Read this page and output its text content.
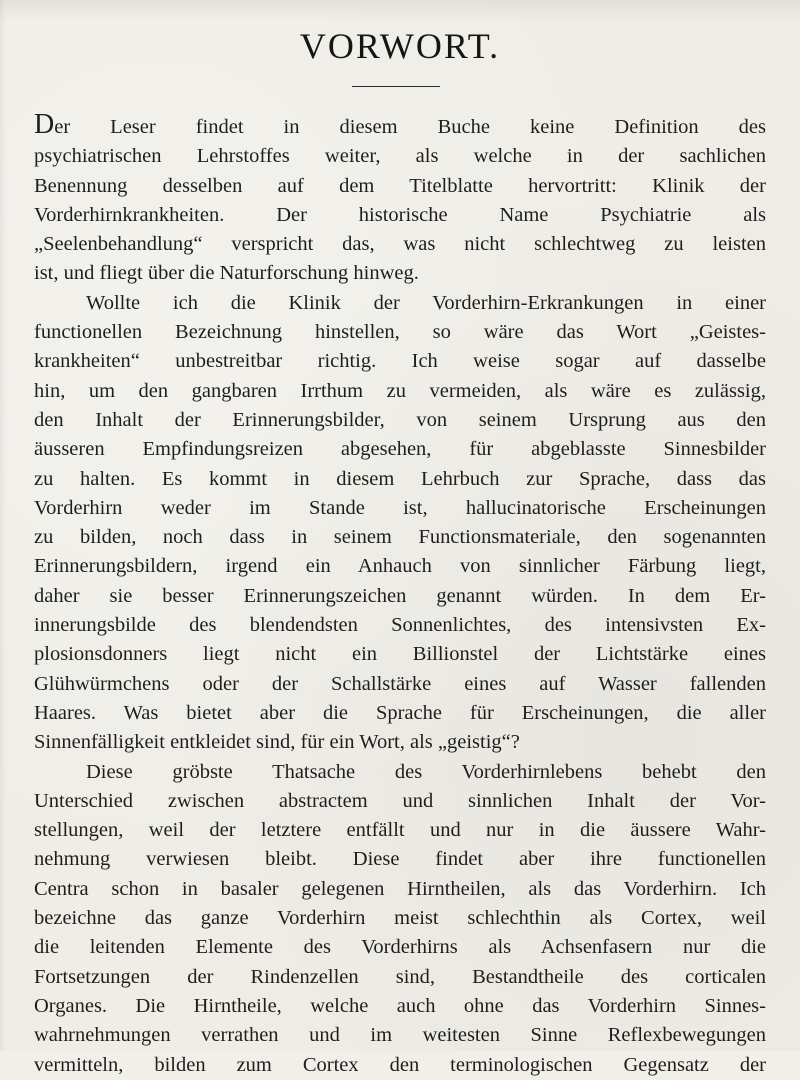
VORWORT.
Der Leser findet in diesem Buche keine Definition des
psychiatrischen Lehrstoffes weiter, als welche in der sachlichen
Benennung desselben auf dem Titelblatte hervortritt: Klinik der
Vorderhirnkrankheiten. Der historische Name Psychiatrie als
„Seelenbehandlung“ verspricht das, was nicht schlechtweg zu leisten
ist, und fliegt über die Naturforschung hinweg.
Wollte ich die Klinik der Vorderhirn-Erkrankungen in einer
functionellen Bezeichnung hinstellen, so wäre das Wort „Geistes-
krankheiten“ unbestreitbar richtig. Ich weise sogar auf dasselbe
hin, um den gangbaren Irrthum zu vermeiden, als wäre es zulässig,
den Inhalt der Erinnerungsbilder, von seinem Ursprung aus den
äusseren Empfindungsreizen abgesehen, für abgeblasste Sinnesbilder
zu halten. Es kommt in diesem Lehrbuch zur Sprache, dass das
Vorderhirn weder im Stande ist, hallucinatorische Erscheinungen
zu bilden, noch dass in seinem Functionsmateriale, den sogenannten
Erinnerungsbildern, irgend ein Anhauch von sinnlicher Färbung liegt,
daher sie besser Erinnerungszeichen genannt würden. In dem Er-
innerungsbilde des blendendsten Sonnenlichtes, des intensivsten Ex-
plosionsdonners liegt nicht ein Billionstel der Lichtstärke eines
Glühwürmchens oder der Schallstärke eines auf Wasser fallenden
Haares. Was bietet aber die Sprache für Erscheinungen, die aller
Sinnenfälligkeit entkleidet sind, für ein Wort, als „geistig“?
Diese gröbste Thatsache des Vorderhirnlebens behebt den
Unterschied zwischen abstractem und sinnlichen Inhalt der Vor-
stellungen, weil der letztere entfällt und nur in die äussere Wahr-
nehmung verwiesen bleibt. Diese findet aber ihre functionellen
Centra schon in basaler gelegenen Hirntheilen, als das Vorderhirn. Ich
bezeichne das ganze Vorderhirn meist schlechthin als Cortex, weil
die leitenden Elemente des Vorderhirns als Achsenfasern nur die
Fortsetzungen der Rindenzellen sind, Bestandtheile des corticalen
Organes. Die Hirntheile, welche auch ohne das Vorderhirn Sinnes-
wahrnehmungen verrathen und im weitesten Sinne Reflexbewegungen
vermitteln, bilden zum Cortex den terminologischen Gegensatz der
